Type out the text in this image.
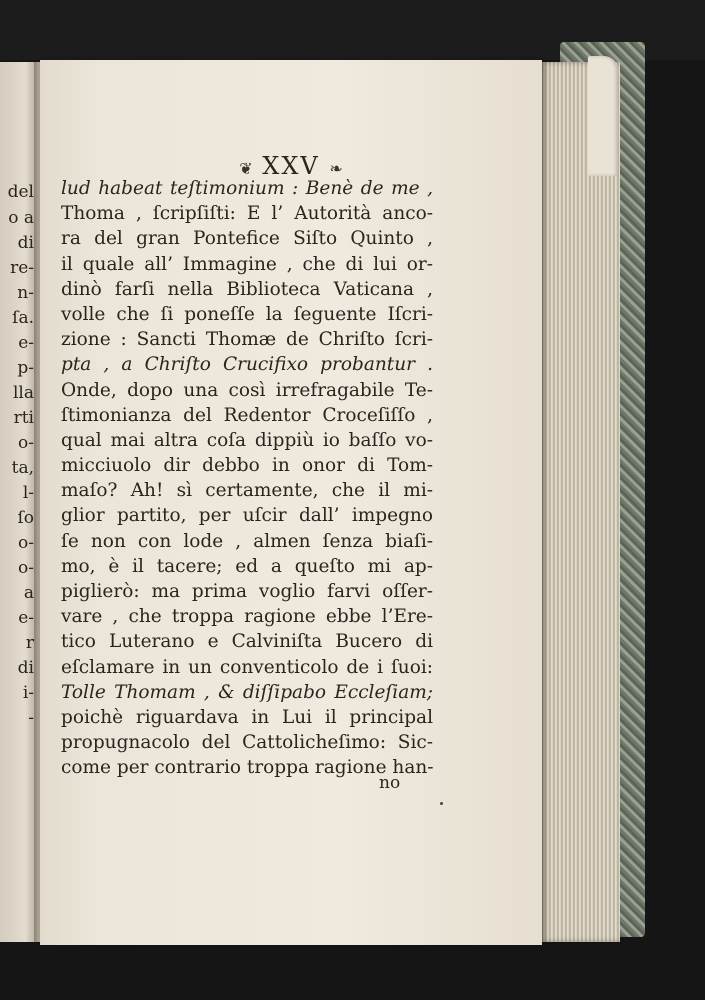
del
o a
di
re-
n-
ſa.
e-
p-
lla
rti
o-
ta,
l-
ſo
o-
o-
a
e-
r
di
i-
-
❦ XXV ❧
lud habeat teſtimonium : Benè de me ,
Thoma , ſcripſiſti: E l’ Autorità anco-
ra del gran Pontefice Siſto Quinto ,
il quale all’ Immagine , che di lui or-
dinò farſi nella Biblioteca Vaticana ,
volle che ſi poneſſe la ſeguente Iſcri-
zione : Sancti Thomæ de Chriſto ſcri-
pta , a Chriſto Crucifixo probantur .
Onde, dopo una così irrefragabile Te-
ſtimonianza del Redentor Croceſiſſo ,
qual mai altra coſa dippiù io baſſo vo-
micciuolo dir debbo in onor di Tom-
maſo? Ah! sì certamente, che il mi-
glior partito, per uſcir dall’ impegno
ſe non con lode , almen ſenza biaſi-
mo, è il tacere; ed a queſto mi ap-
piglierò: ma prima voglio farvi oſſer-
vare , che troppa ragione ebbe l’Ere-
tico Luterano e Calviniſta Bucero di
eſclamare in un conventicolo de i ſuoi:
Tolle Thomam , & diſſipabo Eccleſiam;
poichè riguardava in Lui il principal
propugnacolo del Cattolicheſimo: Sic-
come per contrario troppa ragione han-
no
